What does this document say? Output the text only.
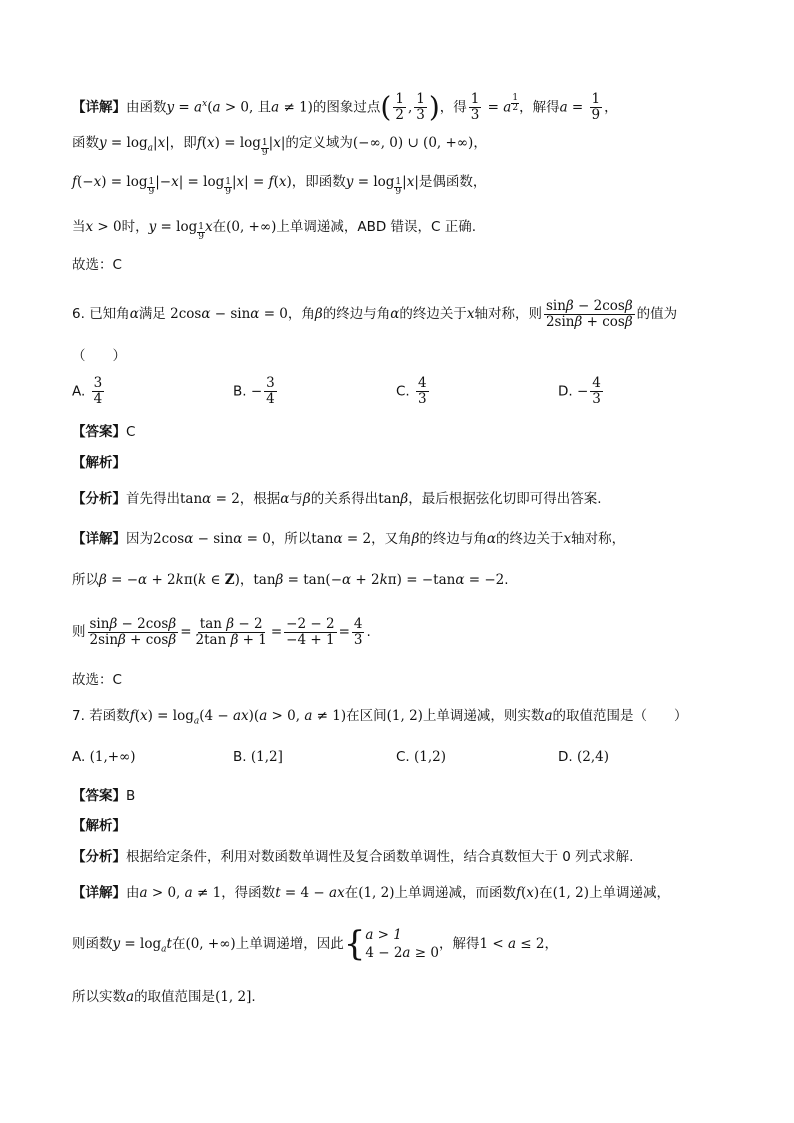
【详解】由函数$y = a^x(a > 0$, 且a ≠ 1)的图象过点( $\frac{1}{2}$ , $\frac{1}{3}$ )，得 $\frac{1}{3} = a$ $^{\frac{1}{2}}$ ，解得$a = \frac{1}{9}$ ，
函数$y = \log_a|x|$，即f(x) = log $_{\frac{1}{9}}$ |x|的定义域为(−∞, 0) ∪ (0, +∞)，
f(−x) = log $_{\frac{1}{9}}$ |−x| = log $_{\frac{1}{9}}$ |x| = f(x)，即函数y = log $_{\frac{1}{9}}$ |x|是偶函数，
当x > 0时，y = log $_{\frac{1}{9}}$ x在(0, +∞)上单调递减，ABD 错误，C 正确.
故选：C
6. 已知角α满足 2cosα − sinα = 0，角β的终边与角α的终边关于x轴对称，则 $\frac{\sin\beta - 2\cos\beta}{2\sin\beta + \cos\beta}$ 的值为
（　　）
A. $\frac{3}{4}$	B. − $\frac{3}{4}$	C. $\frac{4}{3}$	D. − $\frac{4}{3}$
【答案】C
【解析】
【分析】首先得出tanα = 2，根据α与β的关系得出tanβ，最后根据弦化切即可得出答案.
【详解】因为2cosα − sinα = 0，所以tanα = 2，又角β的终边与角α的终边关于x轴对称，
所以β = −α + 2kπ(k ∈ Z)，tanβ = tan(−α + 2kπ) = −tanα = −2.
则 $\frac{\sin\beta - 2\cos\beta}{2\sin\beta + \cos\beta} = \frac{\text{tan β − 2}}{\text{2tan β + 1}} = \frac{-2 - 2}{-4 + 1} = \frac{4}{3}$ .
故选：C
7. 若函数$f(x) = \log_a(4 - ax)(a > 0$, a ≠ 1)在区间(1, 2)上单调递减，则实数a的取值范围是（　　）
A. (1,+∞)	B. (1,2]	C. (1,2)	D. (2,4)
【答案】B
【解析】
【分析】根据给定条件，利用对数函数单调性及复合函数单调性，结合真数恒大于 0 列式求解.
【详解】由a > 0, a ≠ 1，得函数t = 4 − ax在(1, 2)上单调递减，而函数f(x)在(1, 2)上单调递减，
则函数$y = \log_at$在(0, +∞)上单调递增，因此{ a > 1
4 − 2a ≥ 0
，解得1 < a ≤ 2，
所以实数a的取值范围是(1, 2].
